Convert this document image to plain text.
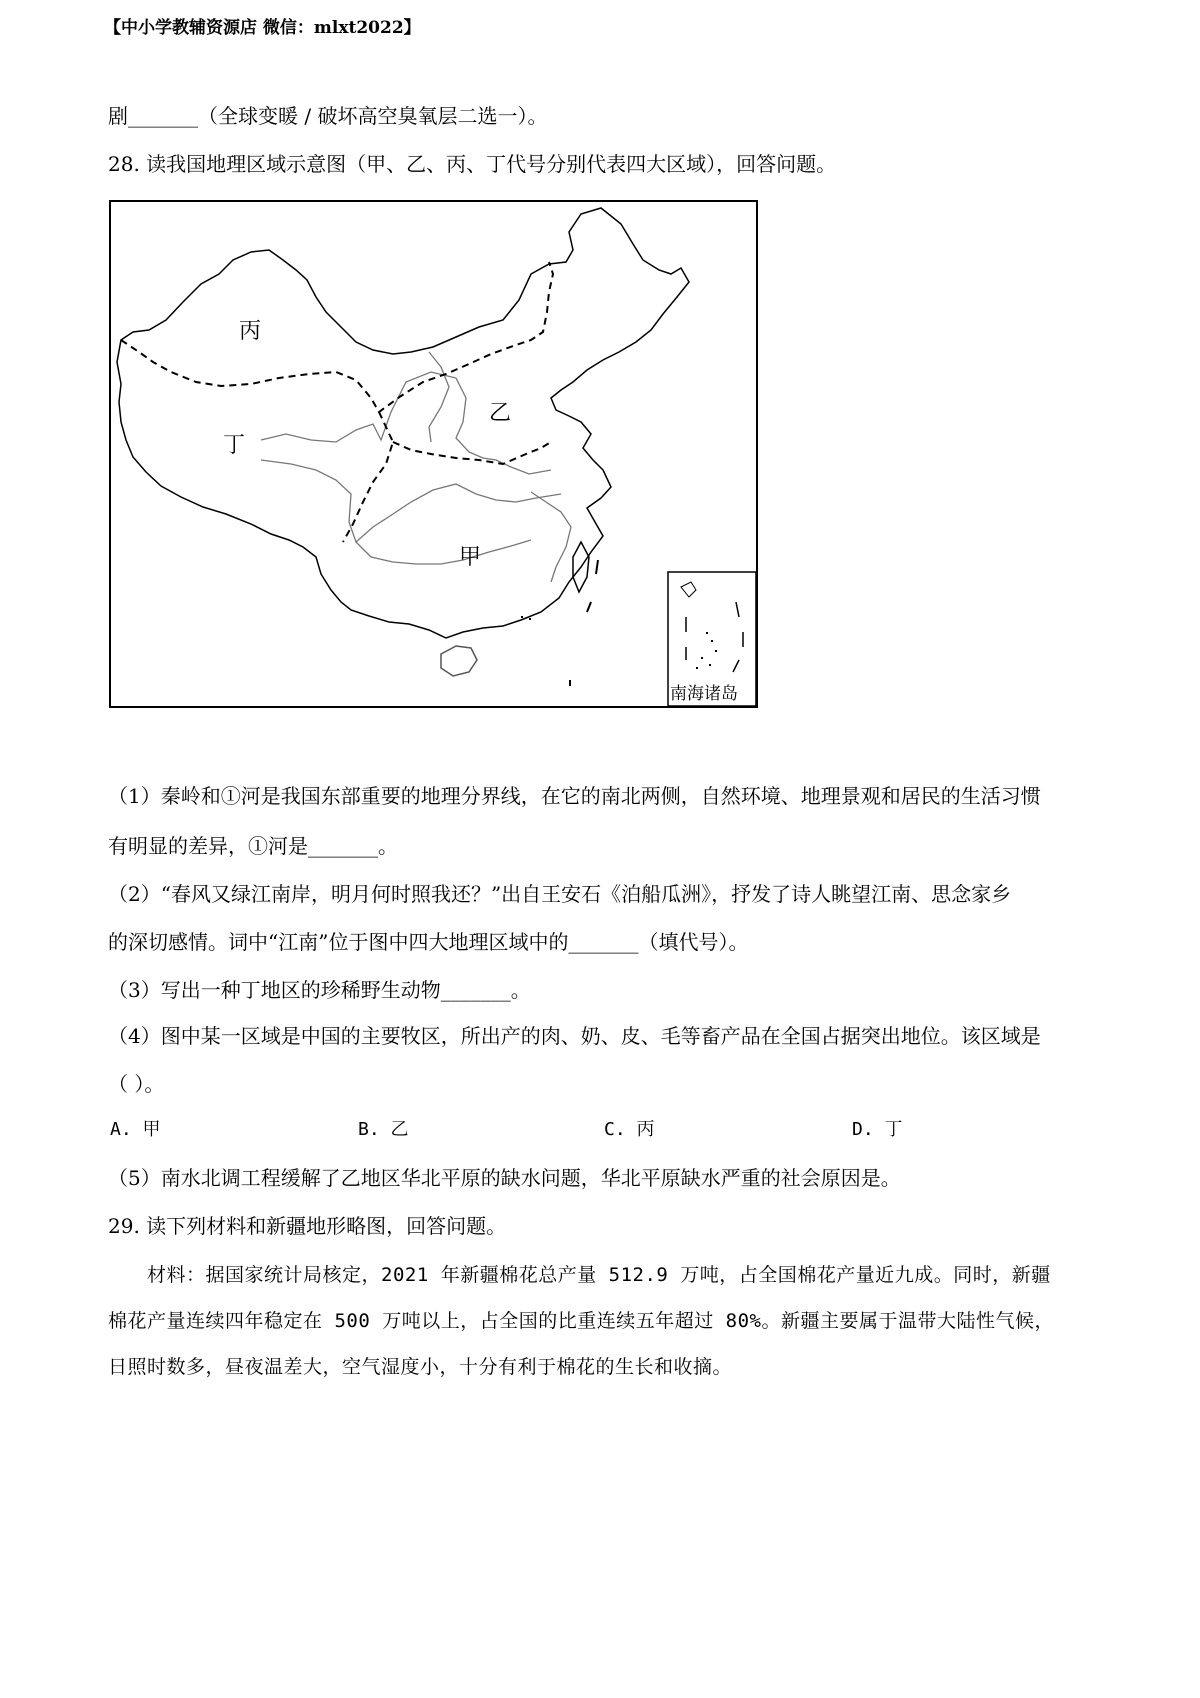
【中小学教辅资源店 微信：mlxt2022】
剧_______（全球变暖 / 破坏高空臭氧层二选一）。
28. 读我国地理区域示意图（甲、乙、丙、丁代号分别代表四大区域），回答问题。
丙
丁
乙
甲
南海诸岛
（1）秦岭和①河是我国东部重要的地理分界线，在它的南北两侧，自然环境、地理景观和居民的生活习惯
有明显的差异，①河是_______。
（2）“春风又绿江南岸，明月何时照我还？”出自王安石《泊船瓜洲》，抒发了诗人眺望江南、思念家乡
的深切感情。词中“江南”位于图中四大地理区域中的_______（填代号）。
（3）写出一种丁地区的珍稀野生动物_______。
（4）图中某一区域是中国的主要牧区，所出产的肉、奶、皮、毛等畜产品在全国占据突出地位。该区域是
（ ）。
A. 甲	B. 乙	C. 丙	D. 丁
（5）南水北调工程缓解了乙地区华北平原的缺水问题，华北平原缺水严重的社会原因是。
29. 读下列材料和新疆地形略图，回答问题。
　　材料：据国家统计局核定，2021 年新疆棉花总产量 512.9 万吨，占全国棉花产量近九成。同时，新疆
棉花产量连续四年稳定在 500 万吨以上，占全国的比重连续五年超过 80%。新疆主要属于温带大陆性气候，
日照时数多，昼夜温差大，空气湿度小，十分有利于棉花的生长和收摘。
